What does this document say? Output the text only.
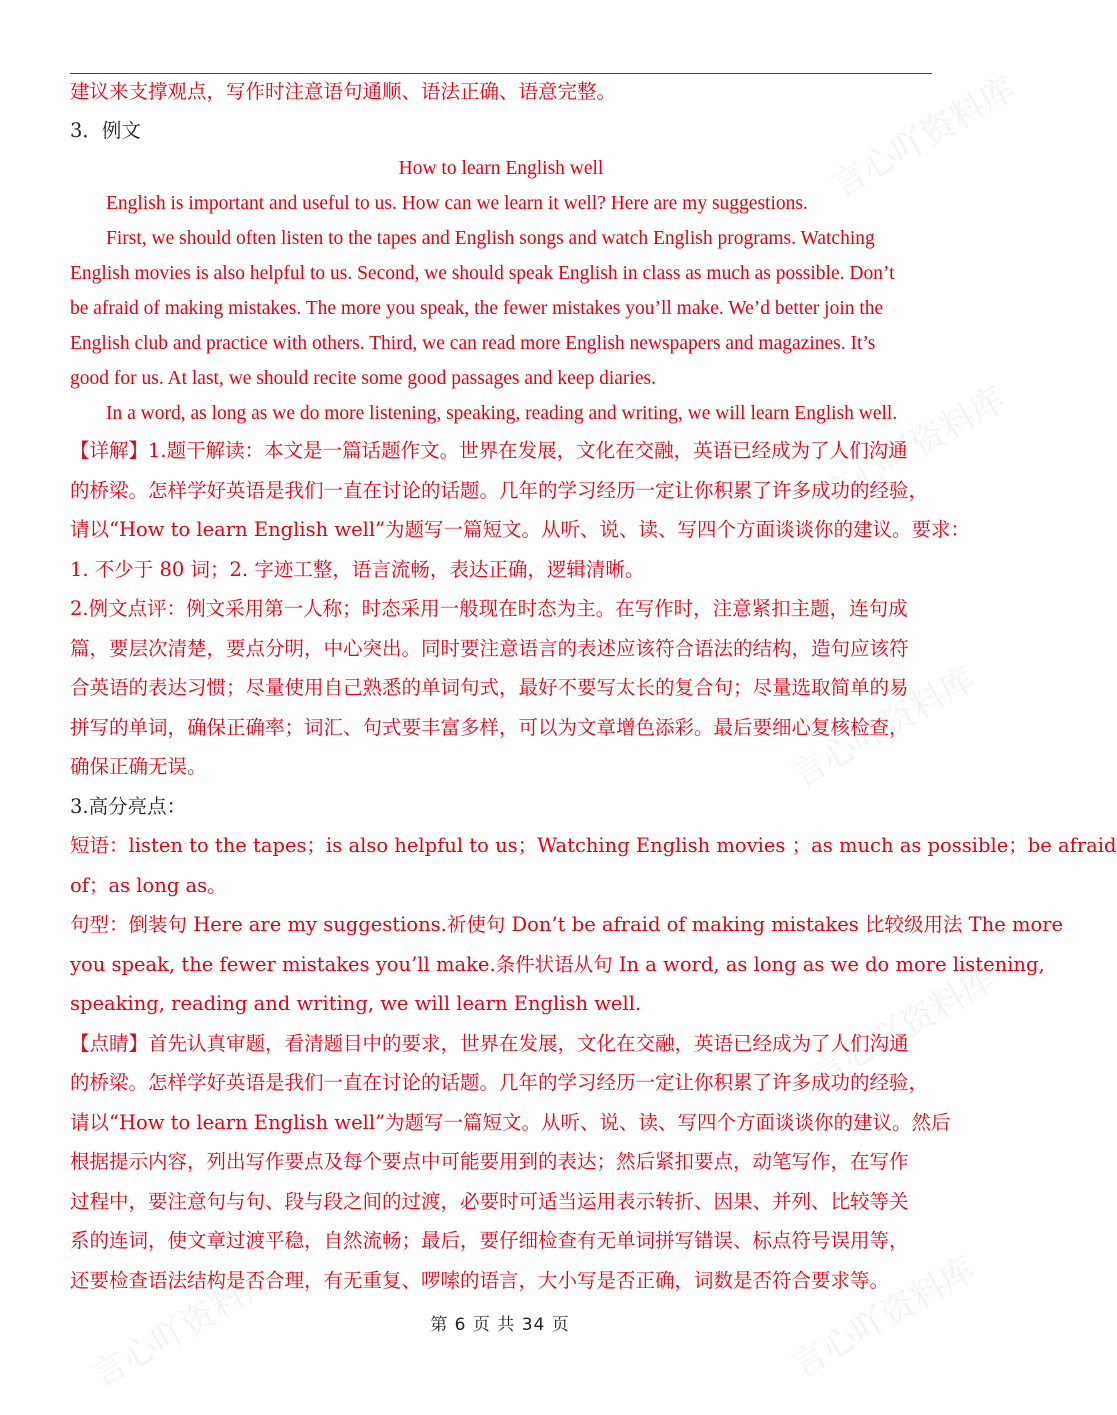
言心吖资料库
言心吖资料库
言心吖资料库
言心吖资料库
言心吖资料库	言心吖资料库
建议来支撑观点，写作时注意语句通顺、语法正确、语意完整。
3．例文
How to learn English well
English is important and useful to us. How can we learn it well? Here are my suggestions.
First, we should often listen to the tapes and English songs and watch English programs. Watching
English movies is also helpful to us. Second, we should speak English in class as much as possible. Don’t
be afraid of making mistakes. The more you speak, the fewer mistakes you’ll make. We’d better join the
English club and practice with others. Third, we can read more English newspapers and magazines. It’s
good for us. At last, we should recite some good passages and keep diaries.
In a word, as long as we do more listening, speaking, reading and writing, we will learn English well.
【详解】1.题干解读：本文是一篇话题作文。世界在发展，文化在交融，英语已经成为了人们沟通
的桥梁。怎样学好英语是我们一直在讨论的话题。几年的学习经历一定让你积累了许多成功的经验，
请以“How to learn English well”为题写一篇短文。从听、说、读、写四个方面谈谈你的建议。要求：
1. 不少于 80 词；2. 字迹工整，语言流畅，表达正确，逻辑清晰。
2.例文点评：例文采用第一人称；时态采用一般现在时态为主。在写作时，注意紧扣主题，连句成
篇，要层次清楚，要点分明，中心突出。同时要注意语言的表述应该符合语法的结构，造句应该符
合英语的表达习惯；尽量使用自己熟悉的单词句式，最好不要写太长的复合句；尽量选取简单的易
拼写的单词，确保正确率；词汇、句式要丰富多样，可以为文章增色添彩。最后要细心复核检查，
确保正确无误。
3.高分亮点：
短语：listen to the tapes；is also helpful to us；Watching English movies ；as much as possible；be afraid
of；as long as。
句型：倒装句 Here are my suggestions.祈使句 Don’t be afraid of making mistakes 比较级用法 The more
you speak, the fewer mistakes you’ll make.条件状语从句 In a word, as long as we do more listening,
speaking, reading and writing, we will learn English well.
【点睛】首先认真审题，看清题目中的要求，世界在发展，文化在交融，英语已经成为了人们沟通
的桥梁。怎样学好英语是我们一直在讨论的话题。几年的学习经历一定让你积累了许多成功的经验，
请以“How to learn English well”为题写一篇短文。从听、说、读、写四个方面谈谈你的建议。然后
根据提示内容，列出写作要点及每个要点中可能要用到的表达；然后紧扣要点，动笔写作，在写作
过程中，要注意句与句、段与段之间的过渡，必要时可适当运用表示转折、因果、并列、比较等关
系的连词，使文章过渡平稳，自然流畅；最后，要仔细检查有无单词拼写错误、标点符号误用等，
还要检查语法结构是否合理，有无重复、啰嗦的语言，大小写是否正确，词数是否符合要求等。
第 6 页 共 34 页
